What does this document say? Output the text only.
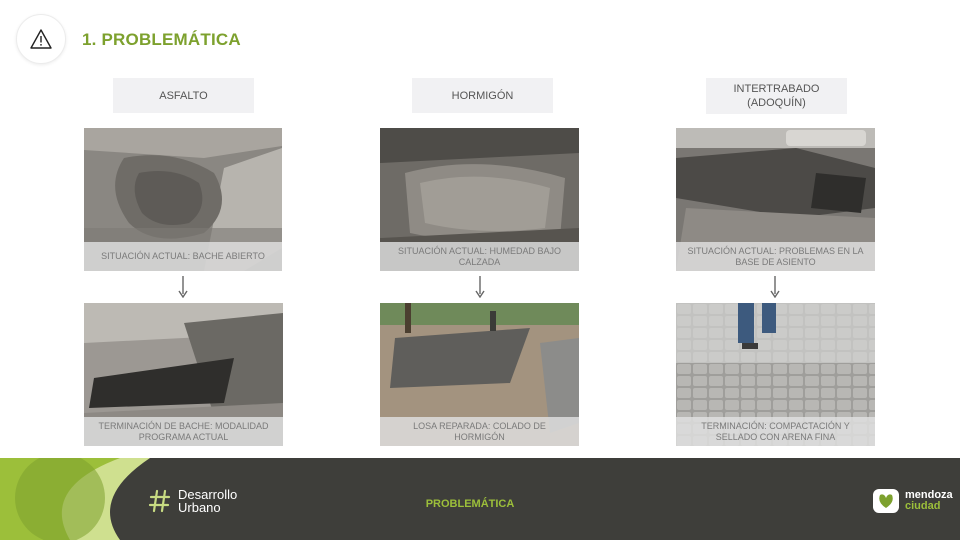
1. PROBLEMÁTICA
ASFALTO	HORMIGÓN
INTERTRABADO (ADOQUÍN)
SITUACIÓN ACTUAL: BACHE ABIERTO
TERMINACIÓN DE BACHE: MODALIDAD PROGRAMA ACTUAL
SITUACIÓN ACTUAL: HUMEDAD BAJO CALZADA
LOSA REPARADA: COLADO DE HORMIGÓN
SITUACIÓN ACTUAL: PROBLEMAS EN LA BASE DE ASIENTO
TERMINACIÓN: COMPACTACIÓN Y SELLADO CON ARENA FINA
Desarrollo
Urbano	PROBLEMÁTICA
mendoza
ciudad
